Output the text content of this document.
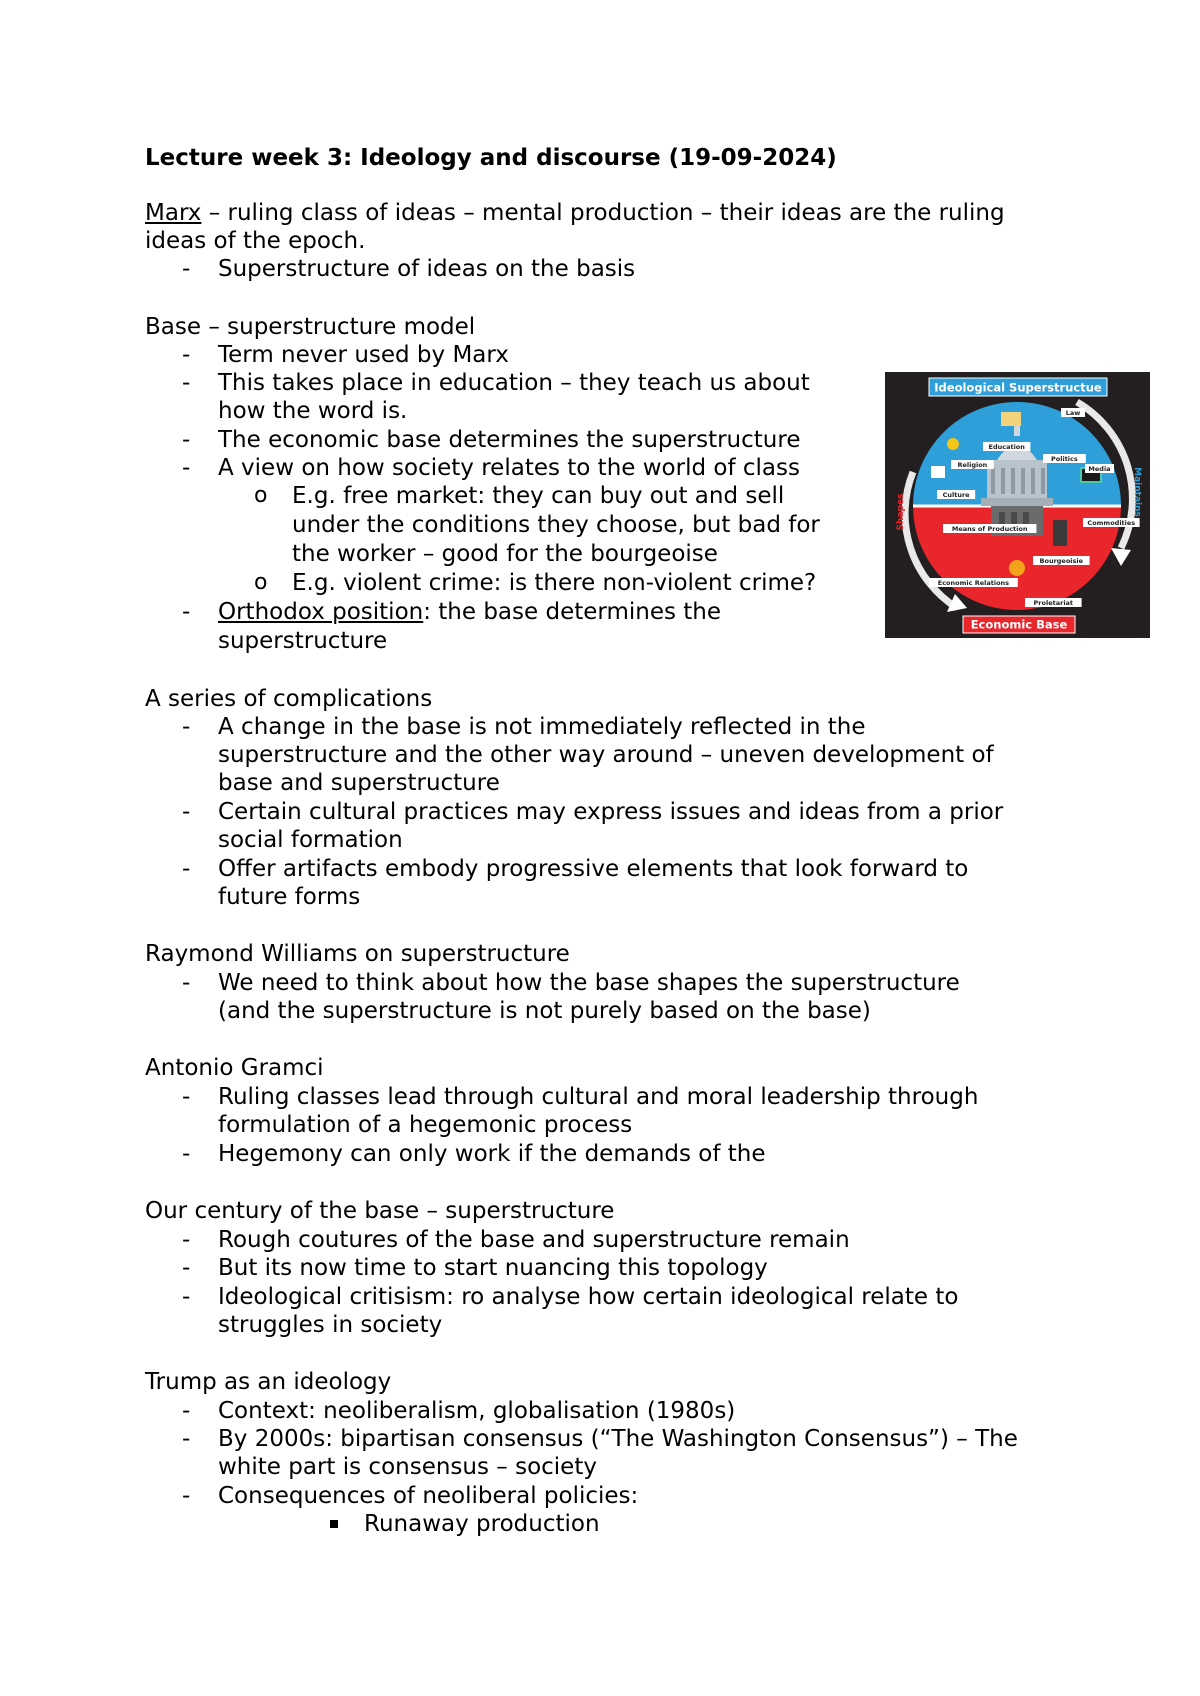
Lecture week 3: Ideology and discourse (19-09-2024)
Marx – ruling class of ideas – mental production – their ideas are the ruling
ideas of the epoch.
- Superstructure of ideas on the basis
Base – superstructure model
- Term never used by Marx
- This takes place in education – they teach us about
how the word is.
- The economic base determines the superstructure
- A view on how society relates to the world of class
o E.g. free market: they can buy out and sell
under the conditions they choose, but bad for
the worker – good for the bourgeoise
o E.g. violent crime: is there non-violent crime?
- Orthodox position: the base determines the
superstructure
Ideological Superstructue
Economic Base
Shapes	Maintains
Law
Education
Politics
Religion	Media
Culture
Means of Production
Commodities
Bourgeoisie
Economic Relations
Proletariat
A series of complications
- A change in the base is not immediately reflected in the
superstructure and the other way around – uneven development of
base and superstructure
- Certain cultural practices may express issues and ideas from a prior
social formation
- Offer artifacts embody progressive elements that look forward to
future forms
Raymond Williams on superstructure
- We need to think about how the base shapes the superstructure
(and the superstructure is not purely based on the base)
Antonio Gramci
- Ruling classes lead through cultural and moral leadership through
formulation of a hegemonic process
- Hegemony can only work if the demands of the
Our century of the base – superstructure
- Rough coutures of the base and superstructure remain
- But its now time to start nuancing this topology
- Ideological critisism: ro analyse how certain ideological relate to
struggles in society
Trump as an ideology
- Context: neoliberalism, globalisation (1980s)
- By 2000s: bipartisan consensus (“The Washington Consensus”) – The
white part is consensus – society
- Consequences of neoliberal policies:
Runaway production
